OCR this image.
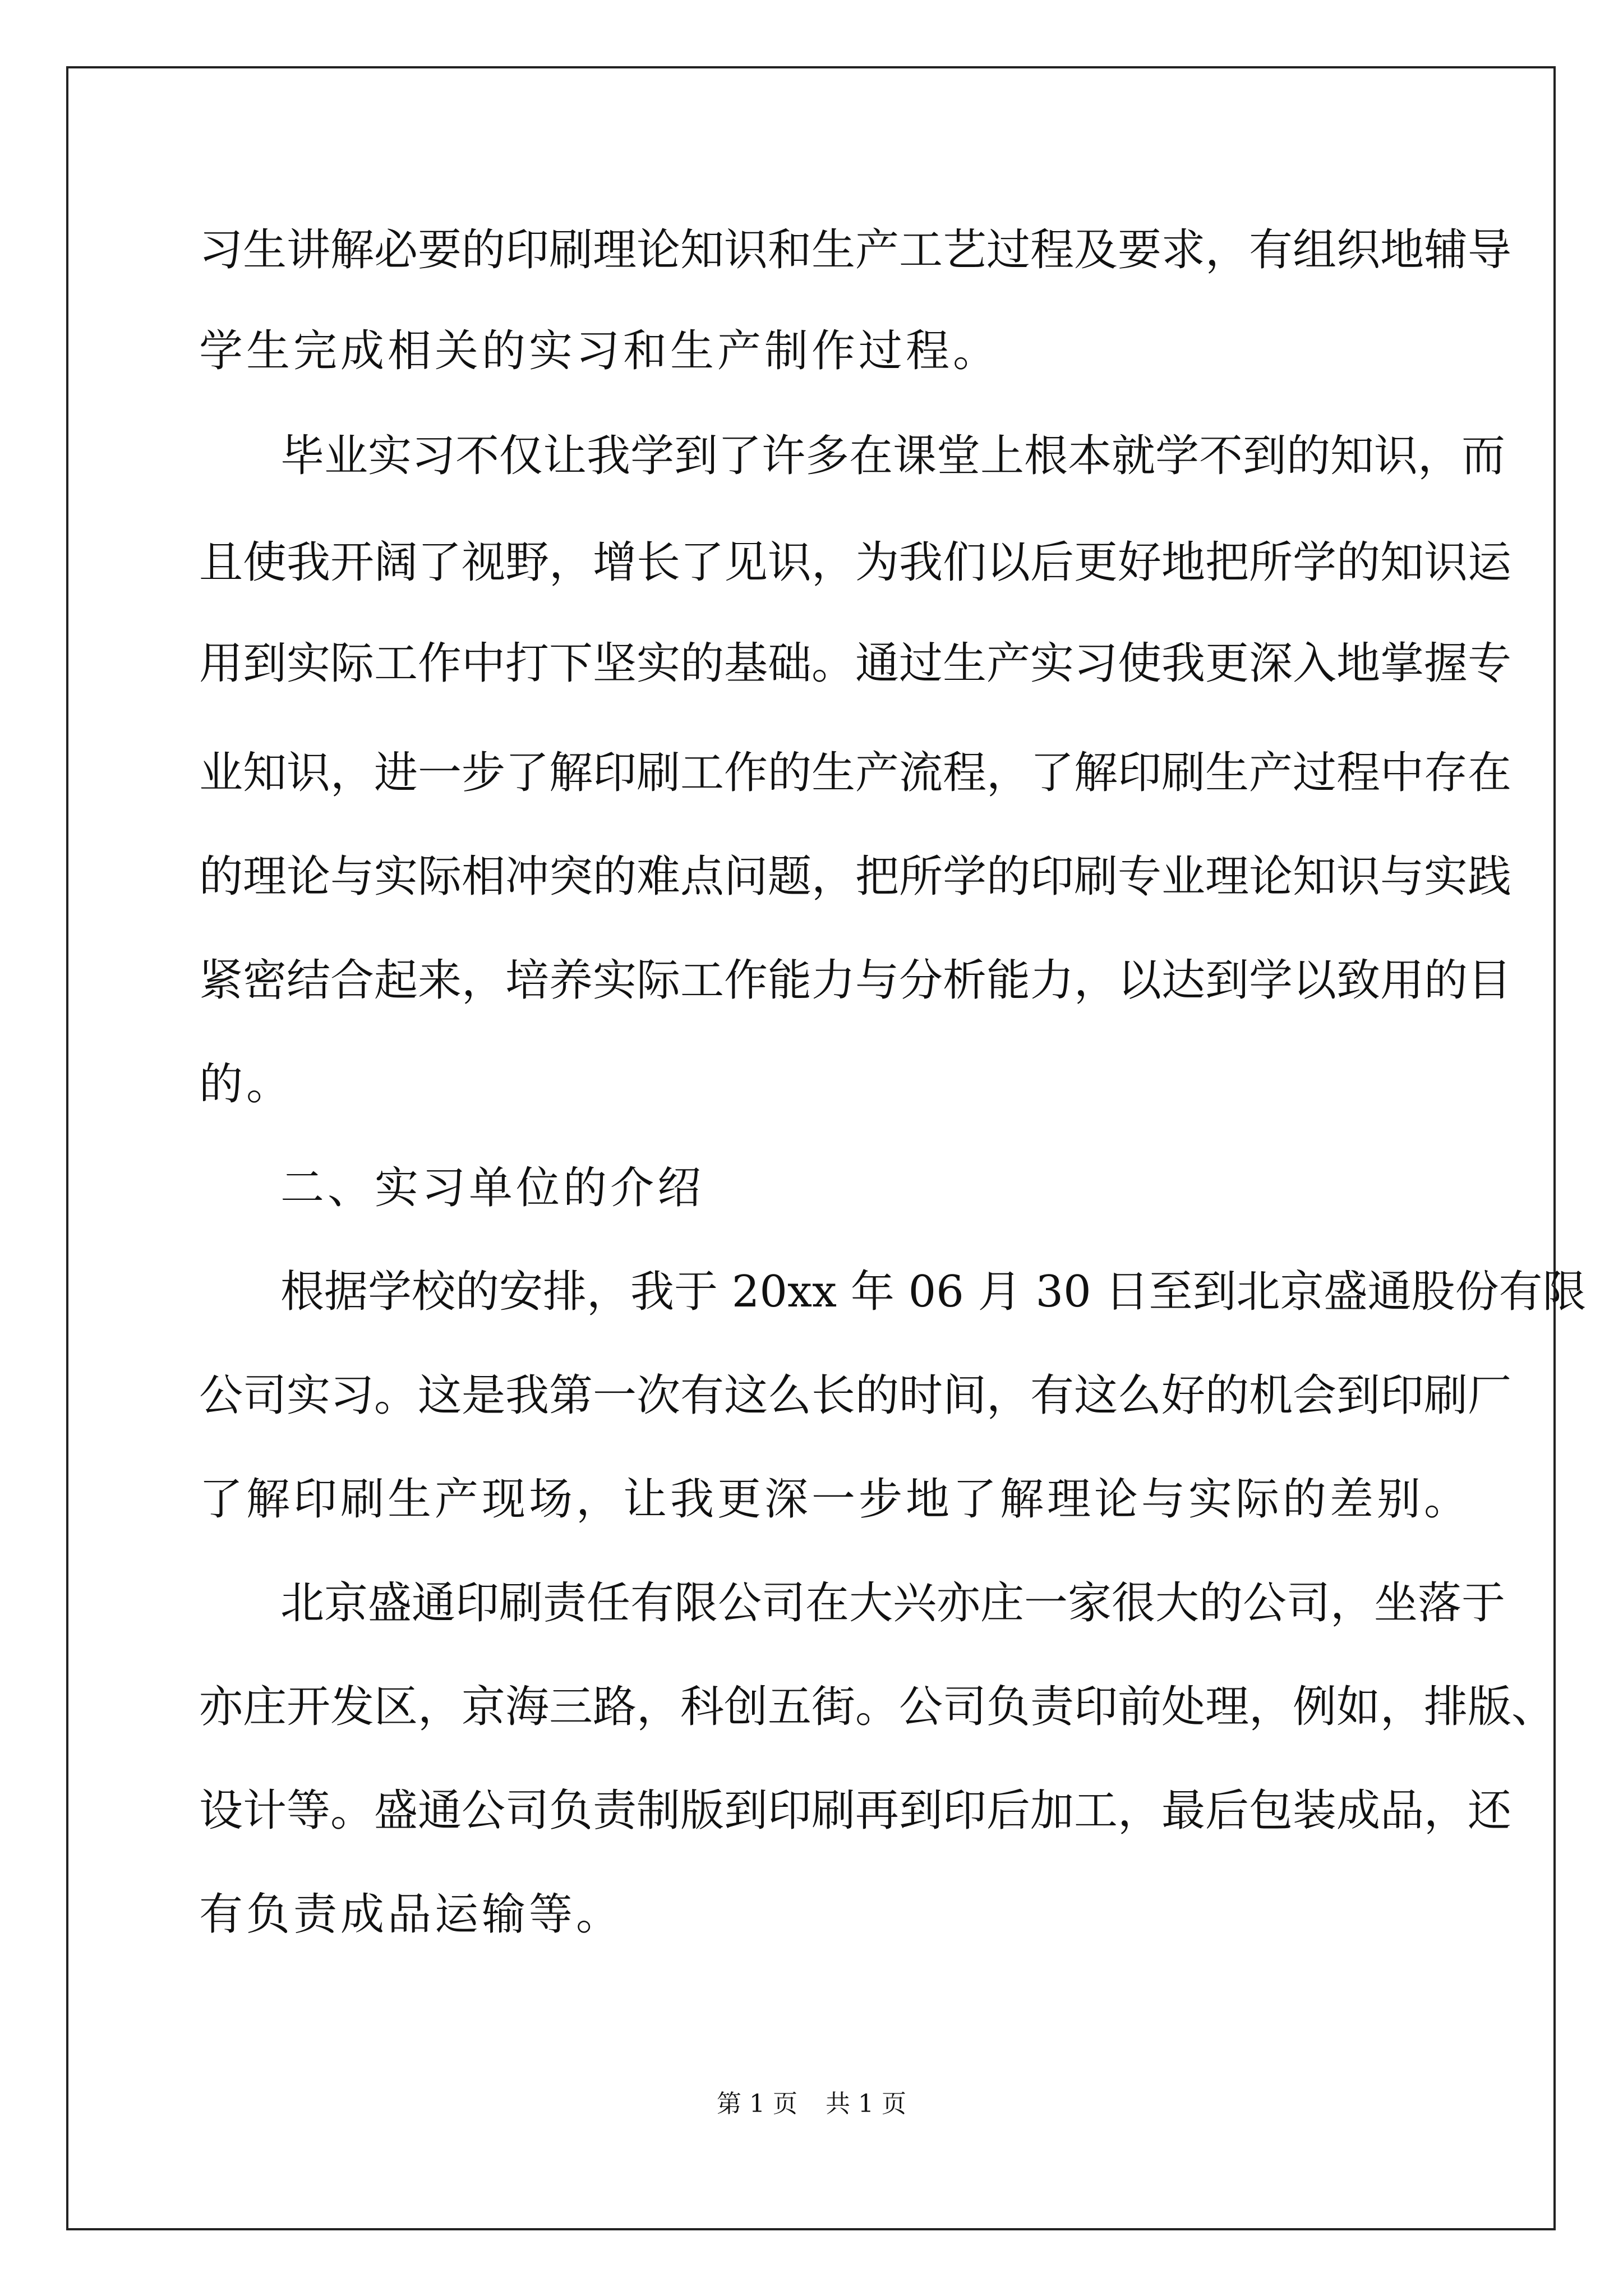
习生讲解必要的印刷理论知识和生产工艺过程及要求，有组织地辅导
学生完成相关的实习和生产制作过程。
毕业实习不仅让我学到了许多在课堂上根本就学不到的知识，而
且使我开阔了视野，增长了见识，为我们以后更好地把所学的知识运
用到实际工作中打下坚实的基础。通过生产实习使我更深入地掌握专
业知识，进一步了解印刷工作的生产流程，了解印刷生产过程中存在
的理论与实际相冲突的难点问题，把所学的印刷专业理论知识与实践
紧密结合起来，培养实际工作能力与分析能力，以达到学以致用的目
的。
二、实习单位的介绍
根据学校的安排，我于 20xx 年 06 月 30 日至到北京盛通股份有限
公司实习。这是我第一次有这么长的时间，有这么好的机会到印刷厂
了解印刷生产现场，让我更深一步地了解理论与实际的差别。
北京盛通印刷责任有限公司在大兴亦庄一家很大的公司，坐落于
亦庄开发区，京海三路，科创五街。公司负责印前处理，例如，排版、
设计等。盛通公司负责制版到印刷再到印后加工，最后包装成品，还
有负责成品运输等。
第 1 页 共 1 页
